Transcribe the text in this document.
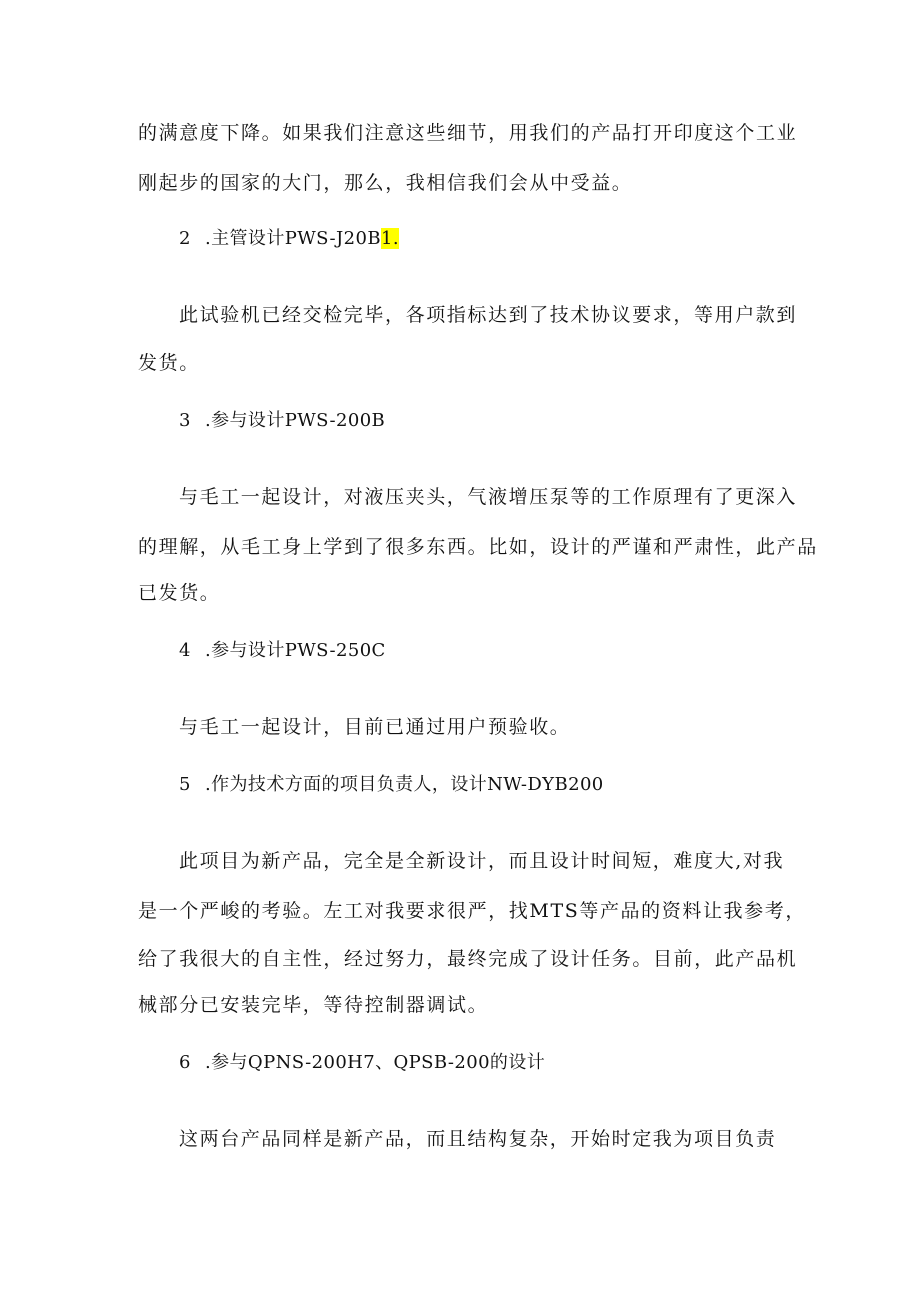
的满意度下降。如果我们注意这些细节，用我们的产品打开印度这个工业
刚起步的国家的大门，那么，我相信我们会从中受益。
2 .主管设计PWS-J20B1.
此试验机已经交检完毕，各项指标达到了技术协议要求，等用户款到
发货。
3 .参与设计PWS-200B
与毛工一起设计，对液压夹头，气液增压泵等的工作原理有了更深入
的理解，从毛工身上学到了很多东西。比如，设计的严谨和严肃性，此产品
已发货。
4 .参与设计PWS-250C
与毛工一起设计，目前已通过用户预验收。
5 .作为技术方面的项目负责人，设计NW-DYB200
此项目为新产品，完全是全新设计，而且设计时间短，难度大,对我
是一个严峻的考验。左工对我要求很严，找MTS等产品的资料让我参考，
给了我很大的自主性，经过努力，最终完成了设计任务。目前，此产品机
械部分已安装完毕，等待控制器调试。
6 .参与QPNS-200H7、QPSB-200的设计
这两台产品同样是新产品，而且结构复杂，开始时定我为项目负责
